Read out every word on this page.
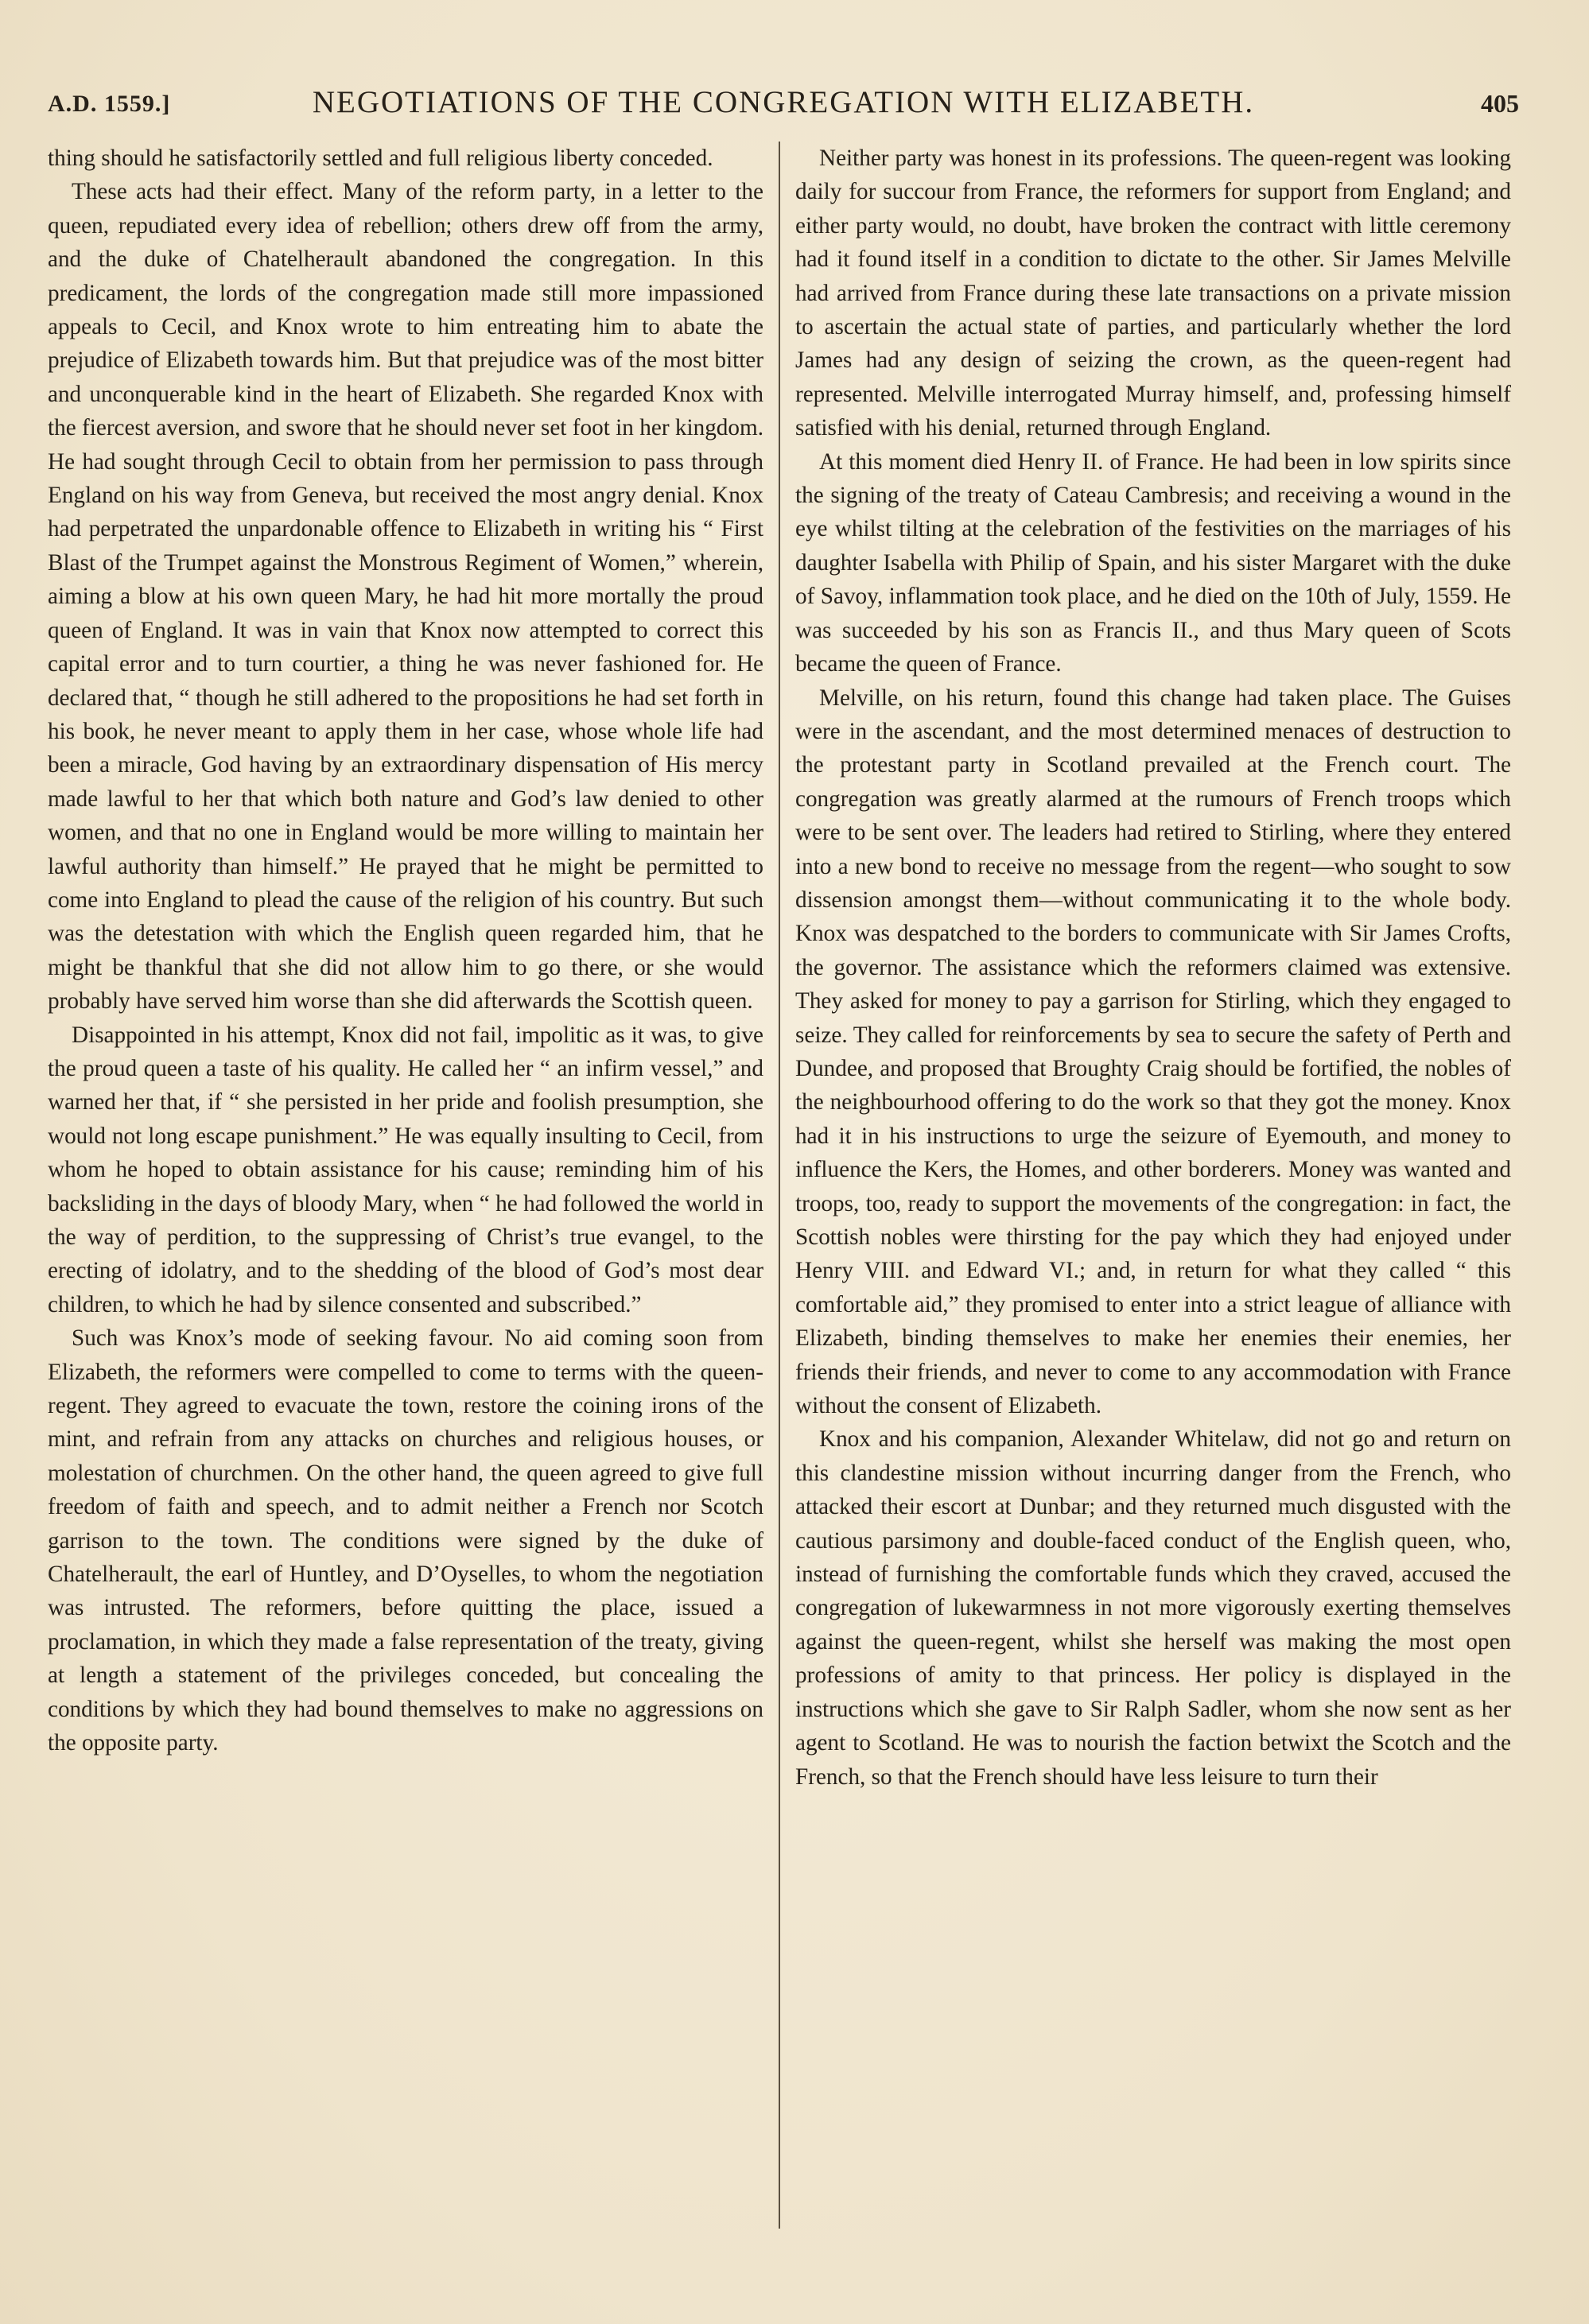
A.D. 1559.]	NEGOTIATIONS OF THE CONGREGATION WITH ELIZABETH.	405

thing should he satisfactorily settled and full religious liberty conceded.

These acts had their effect. Many of the reform party, in a letter to the queen, repudiated every idea of rebellion; others drew off from the army, and the duke of Chatelherault abandoned the congregation. In this predicament, the lords of the congregation made still more impassioned appeals to Cecil, and Knox wrote to him entreating him to abate the prejudice of Elizabeth towards him. But that prejudice was of the most bitter and unconquerable kind in the heart of Elizabeth. She regarded Knox with the fiercest aversion, and swore that he should never set foot in her kingdom. He had sought through Cecil to obtain from her permission to pass through England on his way from Geneva, but received the most angry denial. Knox had perpetrated the unpardonable offence to Elizabeth in writing his “ First Blast of the Trumpet against the Monstrous Regiment of Women,” wherein, aiming a blow at his own queen Mary, he had hit more mortally the proud queen of England. It was in vain that Knox now attempted to correct this capital error and to turn courtier, a thing he was never fashioned for. He declared that, “ though he still adhered to the propositions he had set forth in his book, he never meant to apply them in her case, whose whole life had been a miracle, God having by an extraordinary dispensation of His mercy made lawful to her that which both nature and God’s law denied to other women, and that no one in England would be more willing to maintain her lawful authority than himself.” He prayed that he might be permitted to come into England to plead the cause of the religion of his country. But such was the detestation with which the English queen regarded him, that he might be thankful that she did not allow him to go there, or she would probably have served him worse than she did afterwards the Scottish queen.

Disappointed in his attempt, Knox did not fail, impolitic as it was, to give the proud queen a taste of his quality. He called her “ an infirm vessel,” and warned her that, if “ she persisted in her pride and foolish presumption, she would not long escape punishment.” He was equally insulting to Cecil, from whom he hoped to obtain assistance for his cause; reminding him of his backsliding in the days of bloody Mary, when “ he had followed the world in the way of perdition, to the suppressing of Christ’s true evangel, to the erecting of idolatry, and to the shedding of the blood of God’s most dear children, to which he had by silence consented and subscribed.”

Such was Knox’s mode of seeking favour. No aid coming soon from Elizabeth, the reformers were compelled to come to terms with the queen-regent. They agreed to evacuate the town, restore the coining irons of the mint, and refrain from any attacks on churches and religious houses, or molestation of churchmen. On the other hand, the queen agreed to give full freedom of faith and speech, and to admit neither a French nor Scotch garrison to the town. The conditions were signed by the duke of Chatelherault, the earl of Huntley, and D’Oyselles, to whom the negotiation was intrusted. The reformers, before quitting the place, issued a proclamation, in which they made a false representation of the treaty, giving at length a statement of the privileges conceded, but concealing the conditions by which they had bound themselves to make no aggressions on the opposite party.

Neither party was honest in its professions. The queen-regent was looking daily for succour from France, the reformers for support from England; and either party would, no doubt, have broken the contract with little ceremony had it found itself in a condition to dictate to the other. Sir James Melville had arrived from France during these late transactions on a private mission to ascertain the actual state of parties, and particularly whether the lord James had any design of seizing the crown, as the queen-regent had represented. Melville interrogated Murray himself, and, professing himself satisfied with his denial, returned through England.

At this moment died Henry II. of France. He had been in low spirits since the signing of the treaty of Cateau Cambresis; and receiving a wound in the eye whilst tilting at the celebration of the festivities on the marriages of his daughter Isabella with Philip of Spain, and his sister Margaret with the duke of Savoy, inflammation took place, and he died on the 10th of July, 1559. He was succeeded by his son as Francis II., and thus Mary queen of Scots became the queen of France.

Melville, on his return, found this change had taken place. The Guises were in the ascendant, and the most determined menaces of destruction to the protestant party in Scotland prevailed at the French court. The congregation was greatly alarmed at the rumours of French troops which were to be sent over. The leaders had retired to Stirling, where they entered into a new bond to receive no message from the regent—who sought to sow dissension amongst them—without communicating it to the whole body. Knox was despatched to the borders to communicate with Sir James Crofts, the governor. The assistance which the reformers claimed was extensive. They asked for money to pay a garrison for Stirling, which they engaged to seize. They called for reinforcements by sea to secure the safety of Perth and Dundee, and proposed that Broughty Craig should be fortified, the nobles of the neighbourhood offering to do the work so that they got the money. Knox had it in his instructions to urge the seizure of Eyemouth, and money to influence the Kers, the Homes, and other borderers. Money was wanted and troops, too, ready to support the movements of the congregation: in fact, the Scottish nobles were thirsting for the pay which they had enjoyed under Henry VIII. and Edward VI.; and, in return for what they called “ this comfortable aid,” they promised to enter into a strict league of alliance with Elizabeth, binding themselves to make her enemies their enemies, her friends their friends, and never to come to any accommodation with France without the consent of Elizabeth.

Knox and his companion, Alexander Whitelaw, did not go and return on this clandestine mission without incurring danger from the French, who attacked their escort at Dunbar; and they returned much disgusted with the cautious parsimony and double-faced conduct of the English queen, who, instead of furnishing the comfortable funds which they craved, accused the congregation of lukewarmness in not more vigorously exerting themselves against the queen-regent, whilst she herself was making the most open professions of amity to that princess. Her policy is displayed in the instructions which she gave to Sir Ralph Sadler, whom she now sent as her agent to Scotland. He was to nourish the faction betwixt the Scotch and the French, so that the French should have less leisure to turn their
